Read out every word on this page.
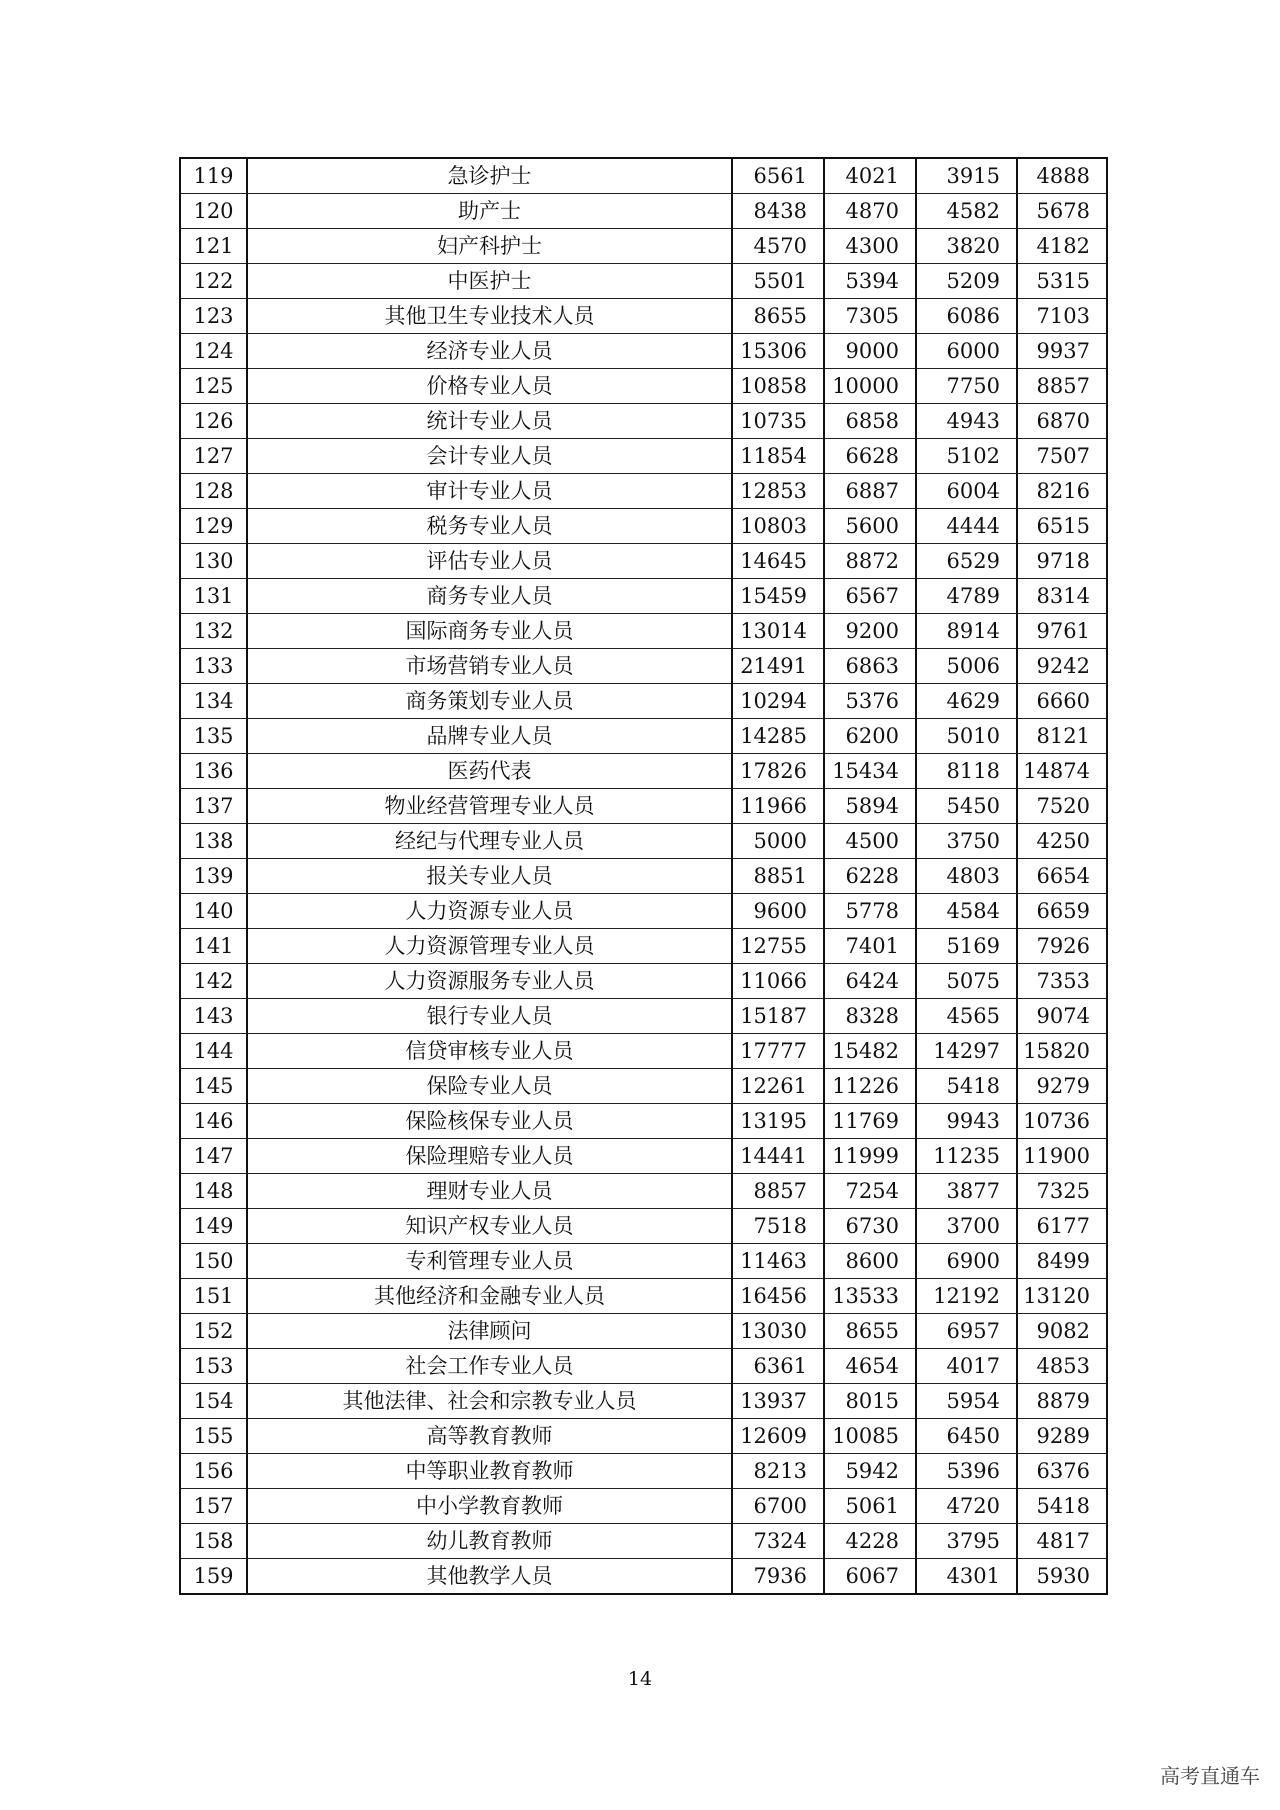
119	急诊护士	6561	4021	3915	4888
120	助产士	8438	4870	4582	5678
121	妇产科护士	4570	4300	3820	4182
122	中医护士	5501	5394	5209	5315
123	其他卫生专业技术人员	8655	7305	6086	7103
124	经济专业人员	15306	9000	6000	9937
125	价格专业人员	10858	10000	7750	8857
126	统计专业人员	10735	6858	4943	6870
127	会计专业人员	11854	6628	5102	7507
128	审计专业人员	12853	6887	6004	8216
129	税务专业人员	10803	5600	4444	6515
130	评估专业人员	14645	8872	6529	9718
131	商务专业人员	15459	6567	4789	8314
132	国际商务专业人员	13014	9200	8914	9761
133	市场营销专业人员	21491	6863	5006	9242
134	商务策划专业人员	10294	5376	4629	6660
135	品牌专业人员	14285	6200	5010	8121
136	医药代表	17826	15434	8118	14874
137	物业经营管理专业人员	11966	5894	5450	7520
138	经纪与代理专业人员	5000	4500	3750	4250
139	报关专业人员	8851	6228	4803	6654
140	人力资源专业人员	9600	5778	4584	6659
141	人力资源管理专业人员	12755	7401	5169	7926
142	人力资源服务专业人员	11066	6424	5075	7353
143	银行专业人员	15187	8328	4565	9074
144	信贷审核专业人员	17777	15482	14297	15820
145	保险专业人员	12261	11226	5418	9279
146	保险核保专业人员	13195	11769	9943	10736
147	保险理赔专业人员	14441	11999	11235	11900
148	理财专业人员	8857	7254	3877	7325
149	知识产权专业人员	7518	6730	3700	6177
150	专利管理专业人员	11463	8600	6900	8499
151	其他经济和金融专业人员	16456	13533	12192	13120
152	法律顾问	13030	8655	6957	9082
153	社会工作专业人员	6361	4654	4017	4853
154	其他法律、社会和宗教专业人员	13937	8015	5954	8879
155	高等教育教师	12609	10085	6450	9289
156	中等职业教育教师	8213	5942	5396	6376
157	中小学教育教师	6700	5061	4720	5418
158	幼儿教育教师	7324	4228	3795	4817
159	其他教学人员	7936	6067	4301	5930
14
高考直通车
